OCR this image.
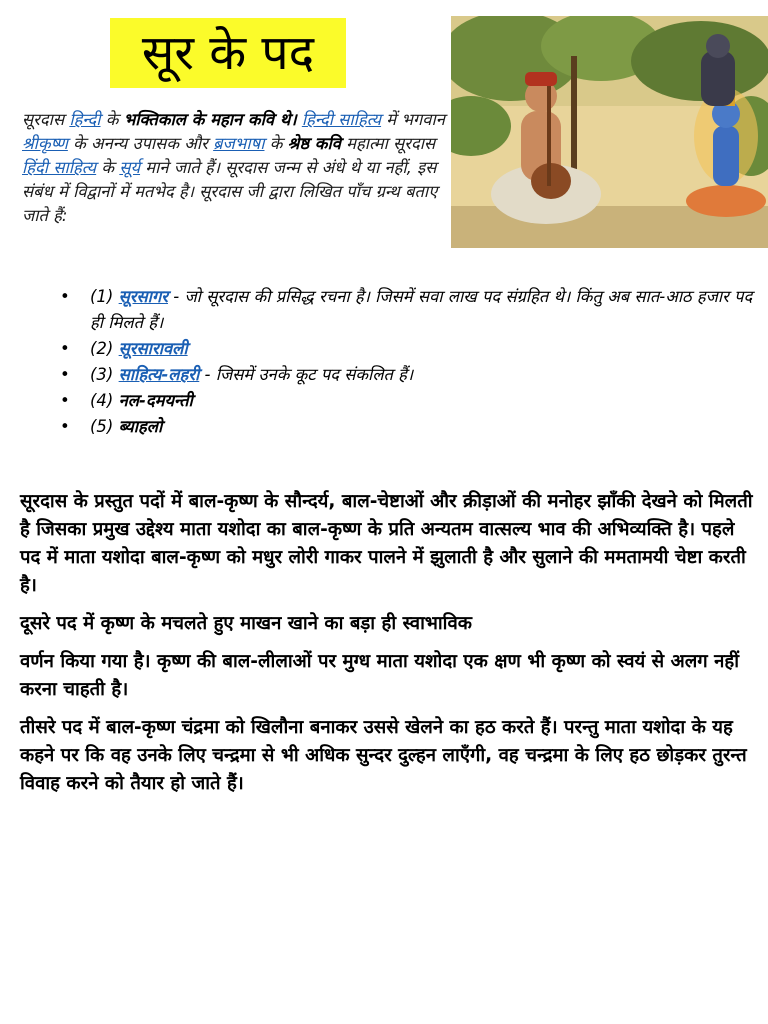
सूर के पद
सूरदास हिन्दी के भक्तिकाल के महान कवि थे। हिन्दी साहित्य में भगवान श्रीकृष्ण के अनन्य उपासक और ब्रजभाषा के श्रेष्ठ कवि महात्मा सूरदास हिंदी साहित्य के सूर्य माने जाते हैं। सूरदास जन्म से अंधे थे या नहीं, इस संबंध में विद्वानों में मतभेद है। सूरदास जी द्वारा लिखित पाँच ग्रन्थ बताए जाते हैं:
• (1) सूरसागर - जो सूरदास की प्रसिद्ध रचना है। जिसमें सवा लाख पद संग्रहित थे। किंतु अब सात-आठ हजार पद ही मिलते हैं।
• (2) सूरसारावली
• (3) साहित्य-लहरी - जिसमें उनके कूट पद संकलित हैं।
• (4) नल-दमयन्ती
• (5) ब्याहलो

सूरदास के प्रस्तुत पदों में बाल-कृष्ण के सौन्दर्य, बाल-चेष्टाओं और क्रीड़ाओं की मनोहर झाँकी देखने को मिलती है जिसका प्रमुख उद्देश्य माता यशोदा का बाल-कृष्ण के प्रति अन्यतम वात्सल्य भाव की अभिव्यक्ति है। पहले पद में माता यशोदा बाल-कृष्ण को मधुर लोरी गाकर पालने में झुलाती है और सुलाने की ममतामयी चेष्टा करती है।

दूसरे पद में कृष्ण के मचलते हुए माखन खाने का बड़ा ही स्वाभाविक

वर्णन किया गया है। कृष्ण की बाल-लीलाओं पर मुग्ध माता यशोदा एक क्षण भी कृष्ण को स्वयं से अलग नहीं करना चाहती है।

तीसरे पद में बाल-कृष्ण चंद्रमा को खिलौना बनाकर उससे खेलने का हठ करते हैं। परन्तु माता यशोदा के यह कहने पर कि वह उनके लिए चन्द्रमा से भी अधिक सुन्दर दुल्हन लाएँगी, वह चन्द्रमा के लिए हठ छोड़कर तुरन्त विवाह करने को तैयार हो जाते हैं।
